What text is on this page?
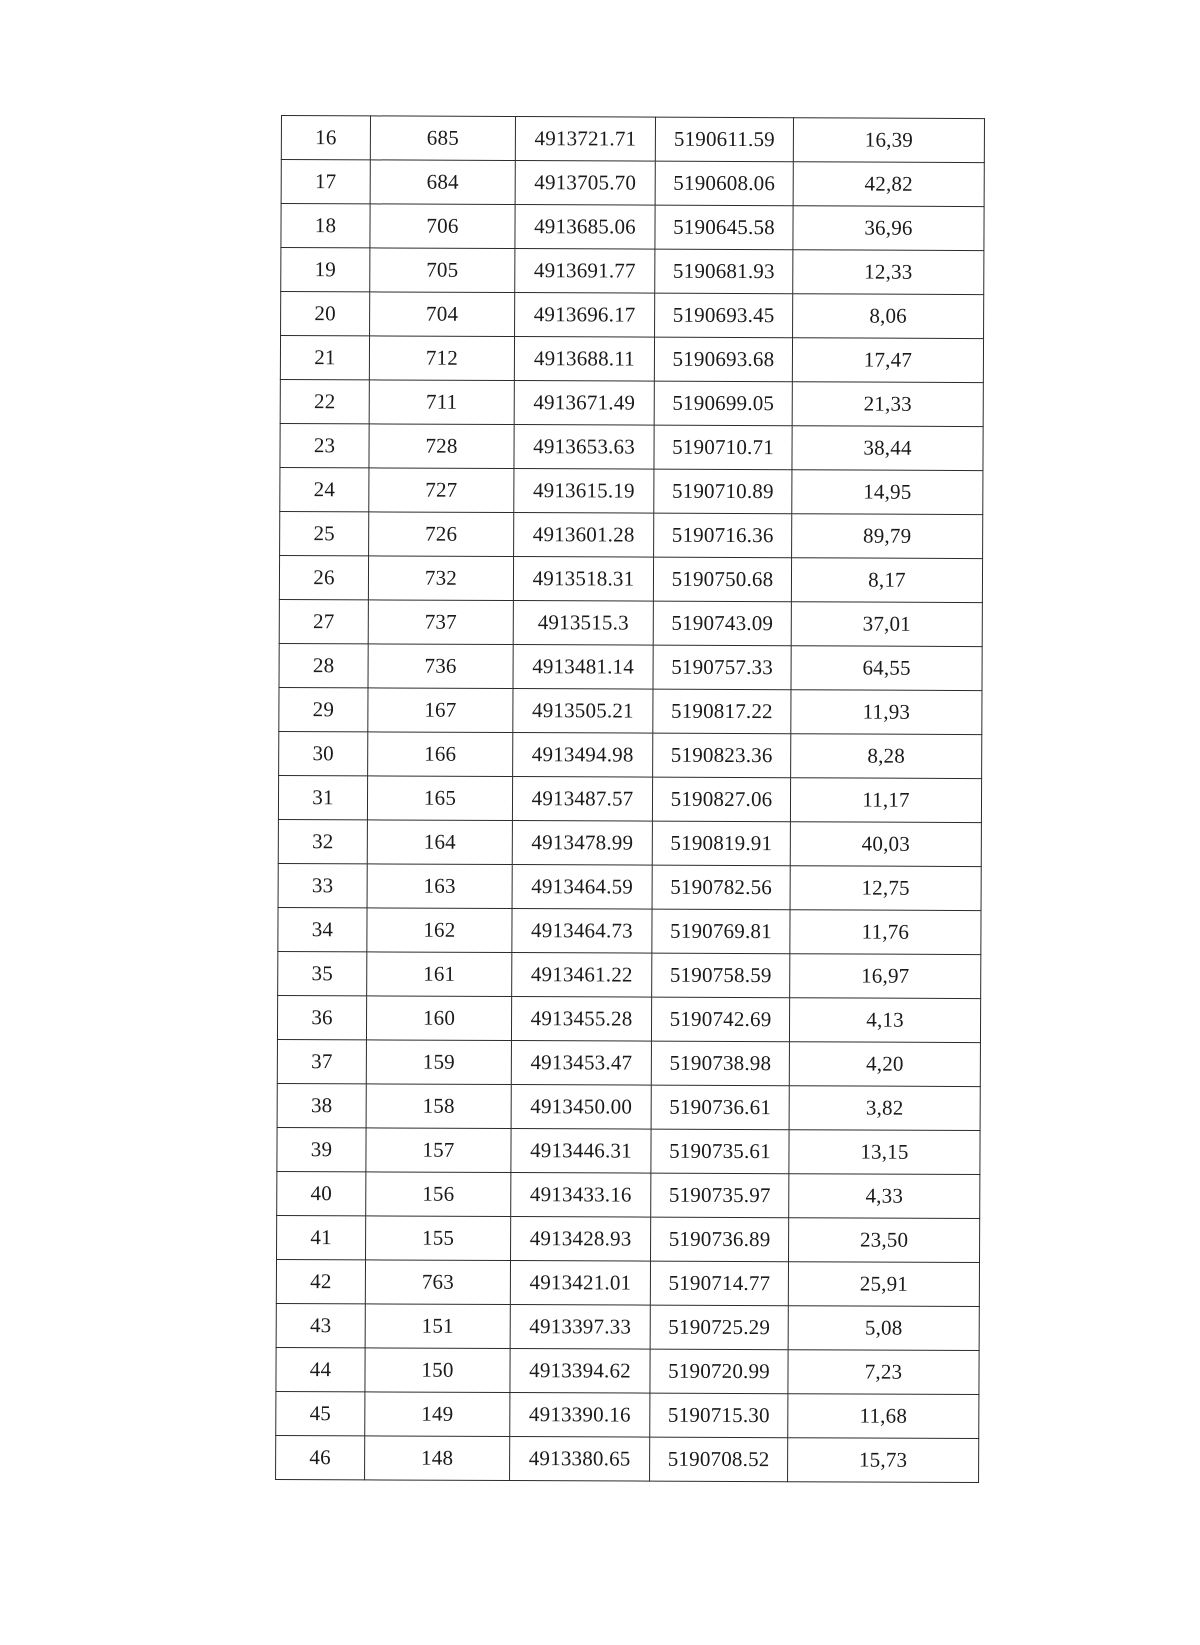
16	685	4913721.71	5190611.59	16,39
17	684	4913705.70	5190608.06	42,82
18	706	4913685.06	5190645.58	36,96
19	705	4913691.77	5190681.93	12,33
20	704	4913696.17	5190693.45	8,06
21	712	4913688.11	5190693.68	17,47
22	711	4913671.49	5190699.05	21,33
23	728	4913653.63	5190710.71	38,44
24	727	4913615.19	5190710.89	14,95
25	726	4913601.28	5190716.36	89,79
26	732	4913518.31	5190750.68	8,17
27	737	4913515.3	5190743.09	37,01
28	736	4913481.14	5190757.33	64,55
29	167	4913505.21	5190817.22	11,93
30	166	4913494.98	5190823.36	8,28
31	165	4913487.57	5190827.06	11,17
32	164	4913478.99	5190819.91	40,03
33	163	4913464.59	5190782.56	12,75
34	162	4913464.73	5190769.81	11,76
35	161	4913461.22	5190758.59	16,97
36	160	4913455.28	5190742.69	4,13
37	159	4913453.47	5190738.98	4,20
38	158	4913450.00	5190736.61	3,82
39	157	4913446.31	5190735.61	13,15
40	156	4913433.16	5190735.97	4,33
41	155	4913428.93	5190736.89	23,50
42	763	4913421.01	5190714.77	25,91
43	151	4913397.33	5190725.29	5,08
44	150	4913394.62	5190720.99	7,23
45	149	4913390.16	5190715.30	11,68
46	148	4913380.65	5190708.52	15,73
